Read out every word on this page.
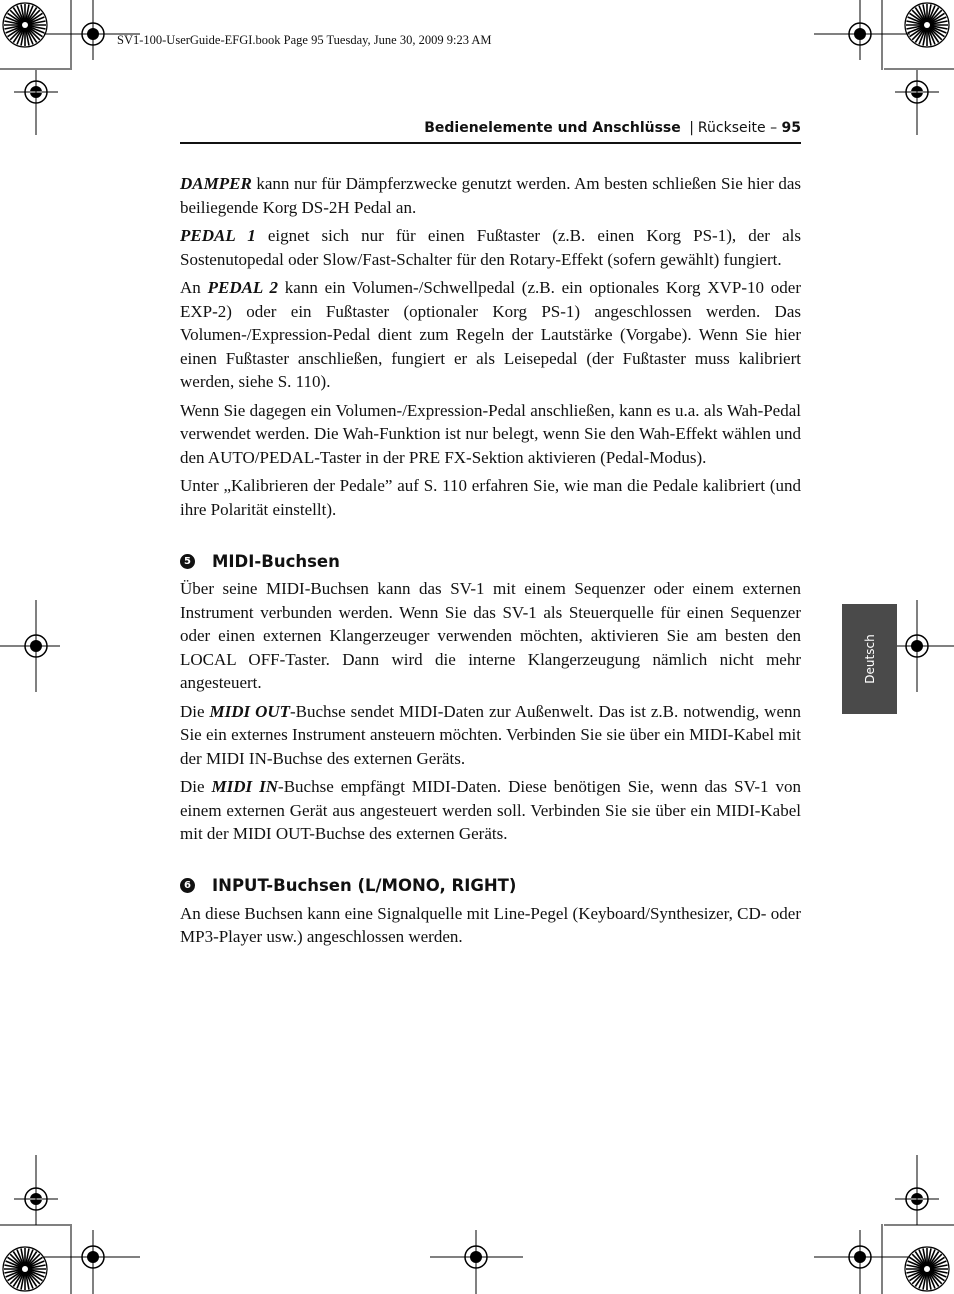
SV1-100-UserGuide-EFGI.book Page 95 Tuesday, June 30, 2009 9:23 AM

Bedienelemente und Anschlüsse | Rückseite – 95
Deutsch

DAMPER kann nur für Dämpferzwecke genutzt werden. Am besten schließen Sie hier das beiliegende Korg DS-2H Pedal an.

PEDAL 1 eignet sich nur für einen Fußtaster (z.B. einen Korg PS-1), der als Sostenutopedal oder Slow/Fast-Schalter für den Rotary-Effekt (sofern gewählt) fungiert.

An PEDAL 2 kann ein Volumen-/Schwellpedal (z.B. ein optionales Korg XVP-10 oder EXP-2) oder ein Fußtaster (optionaler Korg PS-1) angeschlossen werden. Das Volumen-/Expression-Pedal dient zum Regeln der Lautstärke (Vorgabe). Wenn Sie hier einen Fußtaster anschließen, fungiert er als Leisepedal (der Fußtaster muss kalibriert werden, siehe S. 110).

Wenn Sie dagegen ein Volumen-/Expression-Pedal anschließen, kann es u.a. als Wah-Pedal verwendet werden. Die Wah-Funktion ist nur belegt, wenn Sie den Wah-Effekt wählen und den AUTO/PEDAL-Taster in der PRE FX-Sektion aktivieren (Pedal-Modus).

Unter „Kalibrieren der Pedale” auf S. 110 erfahren Sie, wie man die Pedale kalibriert (und ihre Polarität einstellt).

5 MIDI-Buchsen

Über seine MIDI-Buchsen kann das SV-1 mit einem Sequenzer oder einem externen Instrument verbunden werden. Wenn Sie das SV-1 als Steuerquelle für einen Sequenzer oder einen externen Klangerzeuger verwenden möchten, aktivieren Sie am besten den LOCAL OFF-Taster. Dann wird die interne Klangerzeugung nämlich nicht mehr angesteuert.

Die MIDI OUT-Buchse sendet MIDI-Daten zur Außenwelt. Das ist z.B. notwendig, wenn Sie ein externes Instrument ansteuern möchten. Verbinden Sie sie über ein MIDI-Kabel mit der MIDI IN-Buchse des externen Geräts.

Die MIDI IN-Buchse empfängt MIDI-Daten. Diese benötigen Sie, wenn das SV-1 von einem externen Gerät aus angesteuert werden soll. Verbinden Sie sie über ein MIDI-Kabel mit der MIDI OUT-Buchse des externen Geräts.

6 INPUT-Buchsen (L/MONO, RIGHT)

An diese Buchsen kann eine Signalquelle mit Line-Pegel (Keyboard/Synthesizer, CD- oder MP3-Player usw.) angeschlossen werden.
